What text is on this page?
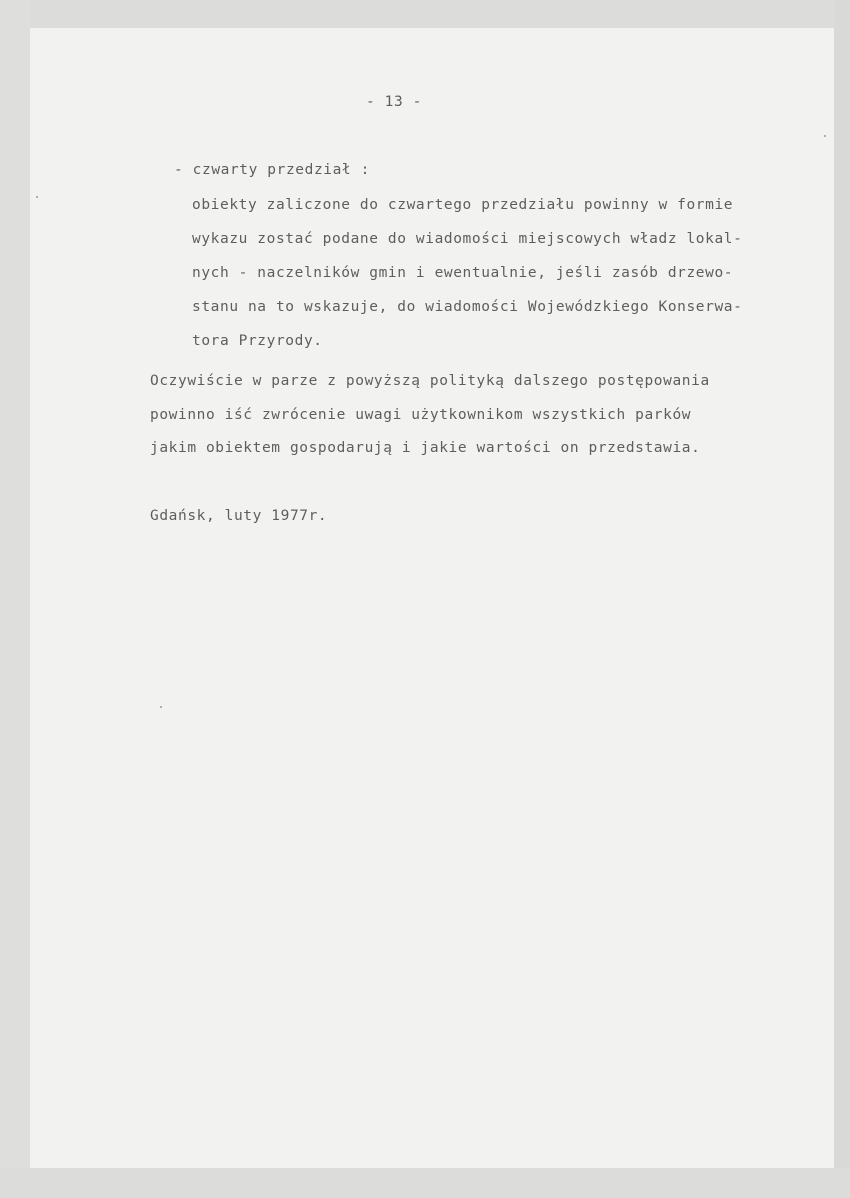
- 13 -

- czwarty przedział :

obiekty zaliczone do czwartego przedziału powinny w formie

wykazu zostać podane do wiadomości miejscowych władz lokal-

nych - naczelników gmin i ewentualnie, jeśli zasób drzewo-

stanu na to wskazuje, do wiadomości Wojewódzkiego Konserwa-

tora Przyrody.

Oczywiście w parze z powyższą polityką dalszego postępowania

powinno iść zwrócenie uwagi użytkownikom wszystkich parków

jakim obiektem gospodarują i jakie wartości on przedstawia.

Gdańsk, luty 1977r.
